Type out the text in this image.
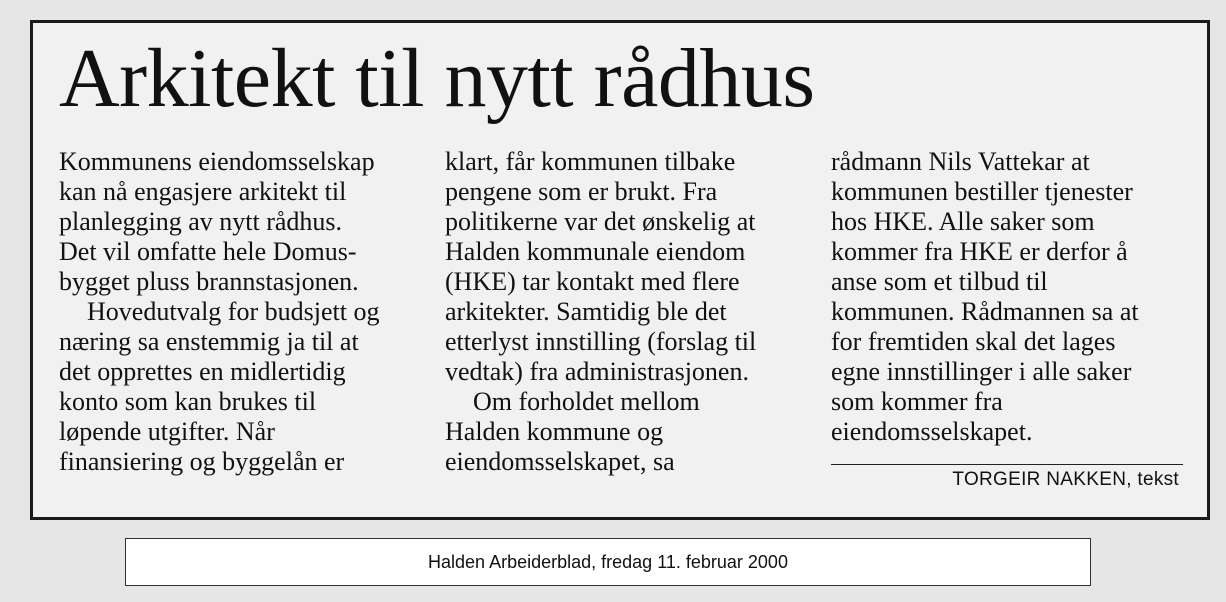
Arkitekt til nytt rådhus
Kommunens eiendomsselskap
kan nå engasjere arkitekt til
planlegging av nytt rådhus.
Det vil omfatte hele Domus-
bygget pluss brannstasjonen.
Hovedutvalg for budsjett og
næring sa enstemmig ja til at
det opprettes en midlertidig
konto som kan brukes til
løpende utgifter. Når
finansiering og byggelån er
klart, får kommunen tilbake
pengene som er brukt. Fra
politikerne var det ønskelig at
Halden kommunale eiendom
(HKE) tar kontakt med flere
arkitekter. Samtidig ble det
etterlyst innstilling (forslag til
vedtak) fra administrasjonen.
Om forholdet mellom
Halden kommune og
eiendomsselskapet, sa
rådmann Nils Vattekar at
kommunen bestiller tjenester
hos HKE. Alle saker som
kommer fra HKE er derfor å
anse som et tilbud til
kommunen. Rådmannen sa at
for fremtiden skal det lages
egne innstillinger i alle saker
som kommer fra
eiendomsselskapet.
TORGEIR NAKKEN, tekst
Halden Arbeiderblad, fredag 11. februar 2000
